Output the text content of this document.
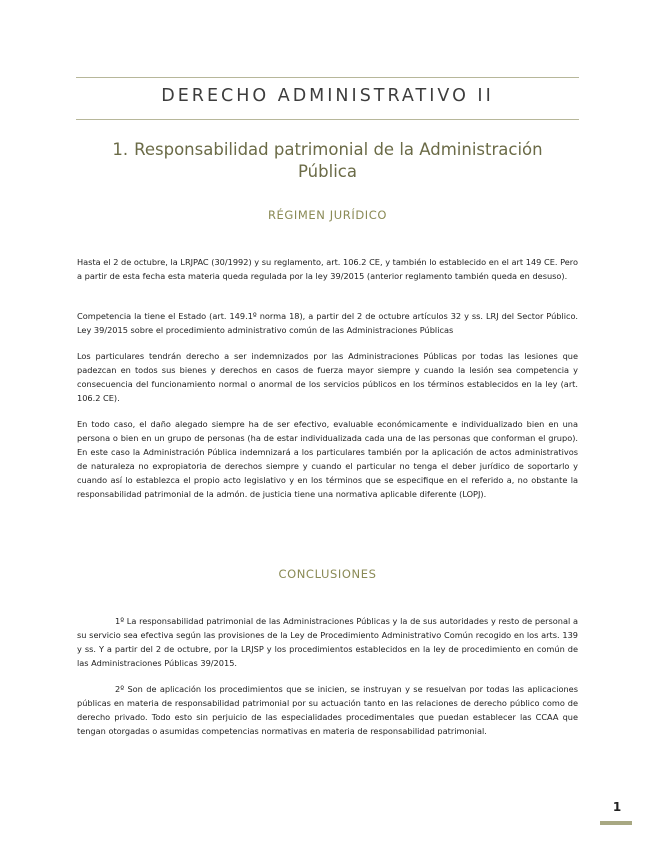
DERECHO ADMINISTRATIVO II
1. Responsabilidad patrimonial de la Administración Pública
RÉGIMEN JURÍDICO

Hasta el 2 de octubre, la LRJPAC (30/1992) y su reglamento, art. 106.2 CE, y también lo establecido en el art 149 CE. Pero a partir de esta fecha esta materia queda regulada por la ley 39/2015 (anterior reglamento también queda en desuso).

Competencia la tiene el Estado (art. 149.1º norma 18), a partir del 2 de octubre artículos 32 y ss. LRJ del Sector Público. Ley 39/2015 sobre el procedimiento administrativo común de las Administraciones Públicas

Los particulares tendrán derecho a ser indemnizados por las Administraciones Públicas por todas las lesiones que padezcan en todos sus bienes y derechos en casos de fuerza mayor siempre y cuando la lesión sea competencia y consecuencia del funcionamiento normal o anormal de los servicios públicos en los términos establecidos en la ley (art. 106.2 CE).

En todo caso, el daño alegado siempre ha de ser efectivo, evaluable económicamente e individualizado bien en una persona o bien en un grupo de personas (ha de estar individualizada cada una de las personas que conforman el grupo). En este caso la Administración Pública indemnizará a los particulares también por la aplicación de actos administrativos de naturaleza no expropiatoria de derechos siempre y cuando el particular no tenga el deber jurídico de soportarlo y cuando así lo establezca el propio acto legislativo y en los términos que se especifique en el referido a, no obstante la responsabilidad patrimonial de la admón. de justicia tiene una normativa aplicable diferente (LOPJ).

CONCLUSIONES

1º La responsabilidad patrimonial de las Administraciones Públicas y la de sus autoridades y resto de personal a su servicio sea efectiva según las provisiones de la Ley de Procedimiento Administrativo Común recogido en los arts. 139 y ss. Y a partir del 2 de octubre, por la LRJSP y los procedimientos establecidos en la ley de procedimiento en común de las Administraciones Públicas 39/2015.

2º Son de aplicación los procedimientos que se inicien, se instruyan y se resuelvan por todas las aplicaciones públicas en materia de responsabilidad patrimonial por su actuación tanto en las relaciones de derecho público como de derecho privado. Todo esto sin perjuicio de las especialidades procedimentales que puedan establecer las CCAA que tengan otorgadas o asumidas competencias normativas en materia de responsabilidad patrimonial.

1
